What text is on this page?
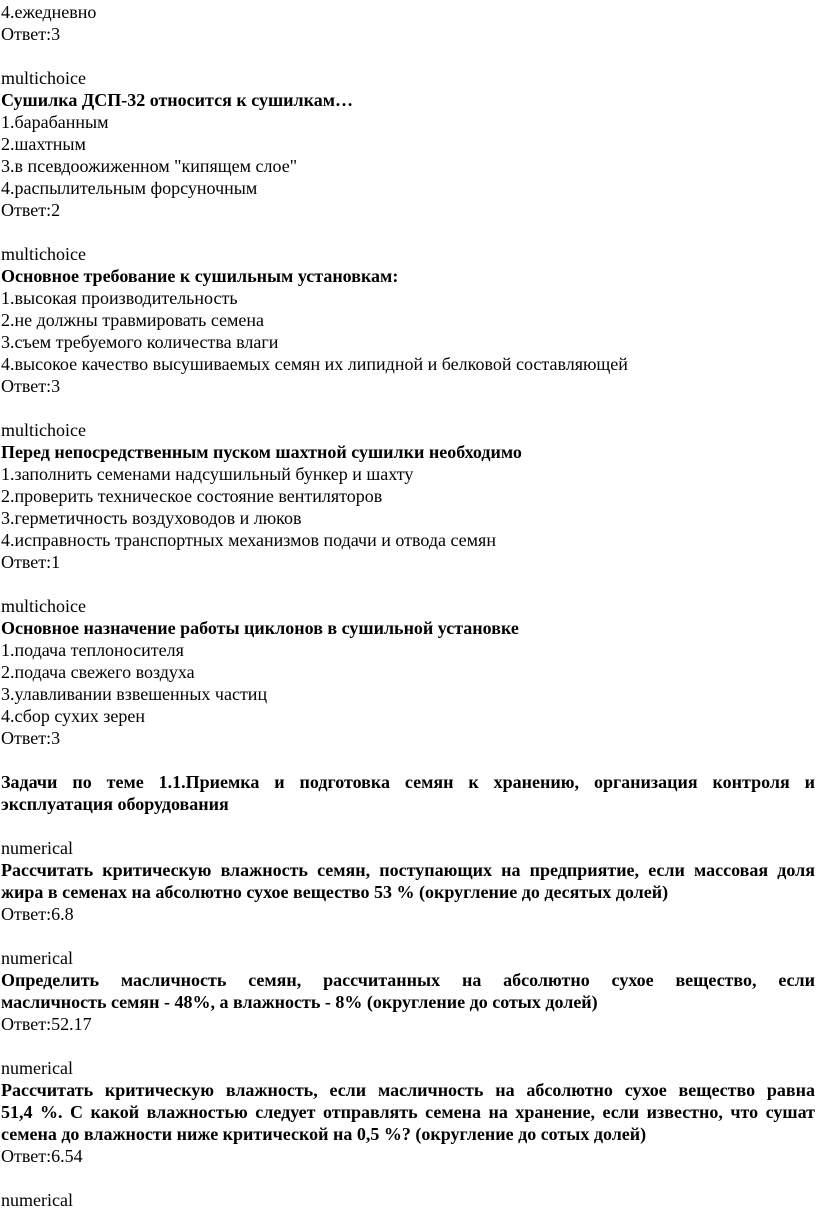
4.ежедневно
Ответ:3
multichoice
Сушилка ДСП-32 относится к сушилкам…
1.барабанным
2.шахтным
3.в псевдоожиженном "кипящем слое"
4.распылительным форсуночным
Ответ:2
multichoice
Основное требование к сушильным установкам:
1.высокая производительность
2.не должны травмировать семена
3.съем требуемого количества влаги
4.высокое качество высушиваемых семян их липидной и белковой составляющей
Ответ:3
multichoice
Перед непосредственным пуском шахтной сушилки необходимо
1.заполнить семенами надсушильный бункер и шахту
2.проверить техническое состояние вентиляторов
3.герметичность воздуховодов и люков
4.исправность транспортных механизмов подачи и отвода семян
Ответ:1
multichoice
Основное назначение работы циклонов в сушильной установке
1.подача теплоносителя
2.подача свежего воздуха
3.улавливании взвешенных частиц
4.сбор сухих зерен
Ответ:3
Задачи по теме 1.1.Приемка и подготовка семян к хранению, организация контроля и
эксплуатация оборудования
numerical
Рассчитать критическую влажность семян, поступающих на предприятие, если массовая доля
жира в семенах на абсолютно сухое вещество 53 % (округление до десятых долей)
Ответ:6.8
numerical
Определить масличность семян, рассчитанных на абсолютно сухое вещество, если
масличность семян - 48%, а влажность - 8% (округление до сотых долей)
Ответ:52.17
numerical
Рассчитать критическую влажность, если масличность на абсолютно сухое вещество равна
51,4 %. С какой влажностью следует отправлять семена на хранение, если известно, что сушат
семена до влажности ниже критической на 0,5 %? (округление до сотых долей)
Ответ:6.54
numerical
